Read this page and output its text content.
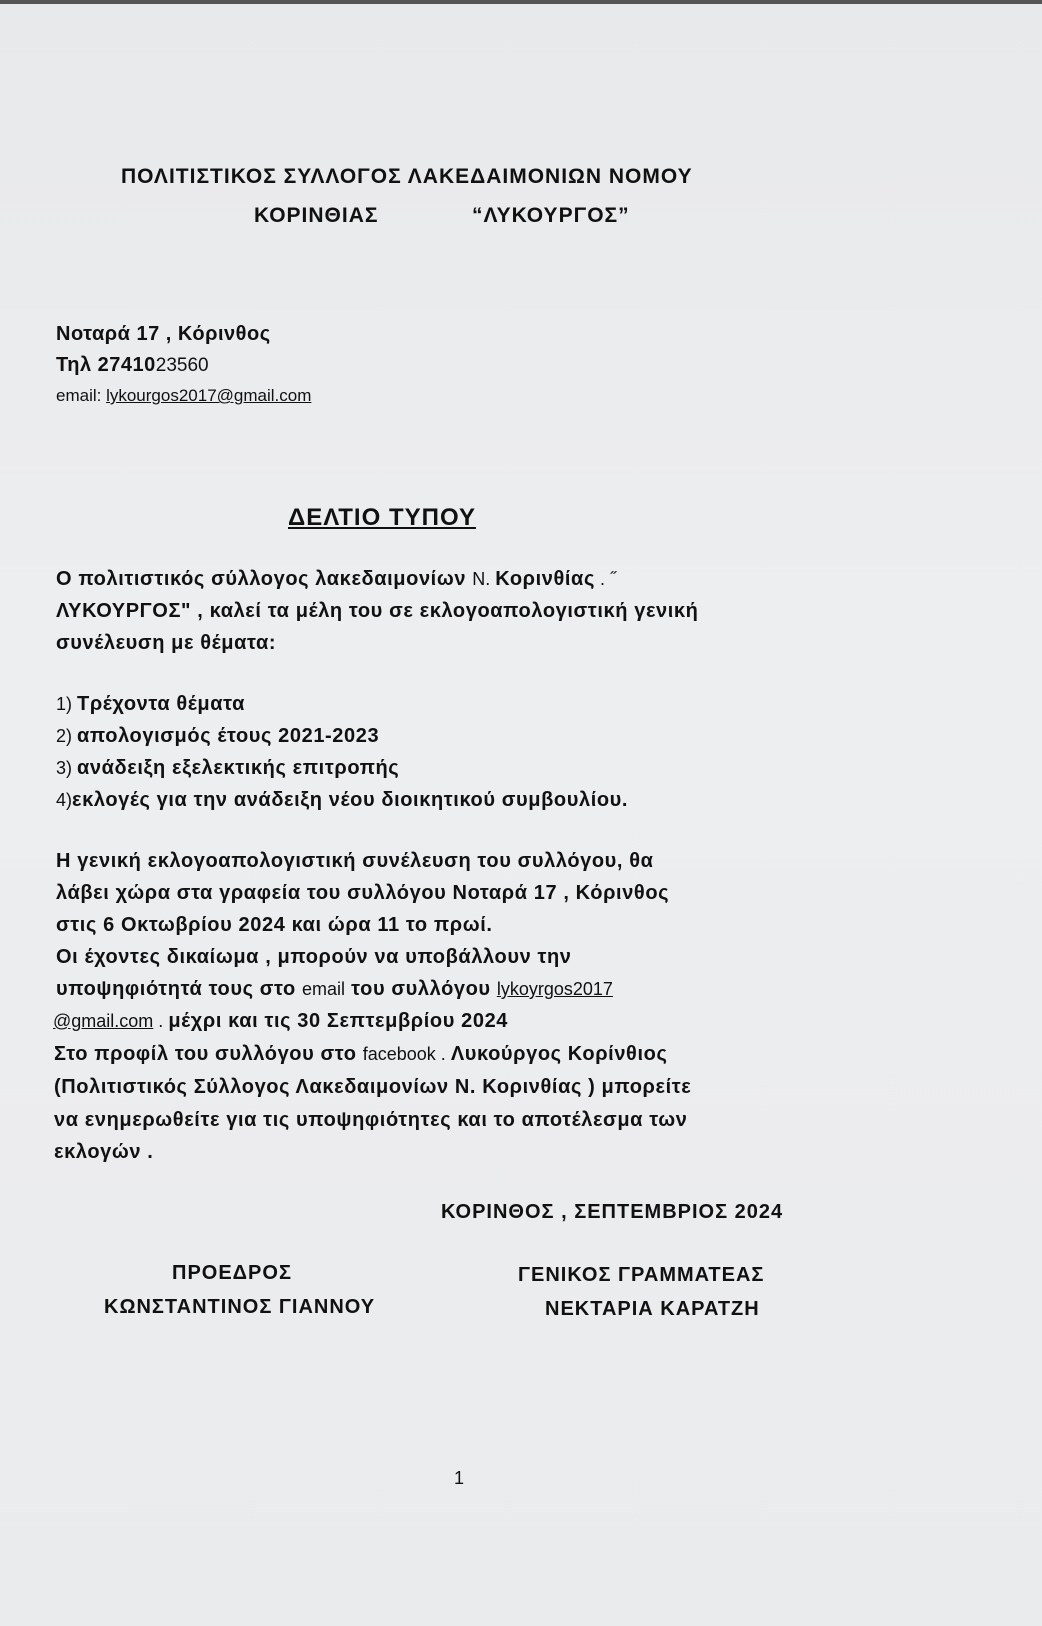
ΠΟΛΙΤΙΣΤΙΚΟΣ ΣΥΛΛΟΓΟΣ ΛΑΚΕΔΑΙΜΟΝΙΩΝ ΝΟΜΟΥ
ΚΟΡΙΝΘΙΑΣ	“ΛΥΚΟΥΡΓΟΣ”
Νοταρά 17 , Κόρινθος
Τηλ 2741023560
email: lykourgos2017@gmail.com
ΔΕΛΤΙΟ ΤΥΠΟΥ
Ο πολιτιστικός σύλλογος λακεδαιμονίων Ν. Κορινθίας . ˝
ΛΥΚΟΥΡΓΟΣ" , καλεί τα μέλη του σε εκλογοαπολογιστική γενική
συνέλευση με θέματα:
1) Τρέχοντα θέματα
2) απολογισμός έτους 2021-2023
3) ανάδειξη εξελεκτικής επιτροπής
4)εκλογές για την ανάδειξη νέου διοικητικού συμβουλίου.
Η γενική εκλογοαπολογιστική συνέλευση του συλλόγου, θα
λάβει χώρα στα γραφεία του συλλόγου Νοταρά 17 , Κόρινθος
στις 6 Οκτωβρίου 2024 και ώρα 11 το πρωί.
Οι έχοντες δικαίωμα , μπορούν να υποβάλλουν την
υποψηφιότητά τους στο email του συλλόγου lykoyrgos2017
@gmail.com . μέχρι και τις 30 Σεπτεμβρίου 2024
Στο προφίλ του συλλόγου στο facebook . Λυκούργος Κορίνθιος
(Πολιτιστικός Σύλλογος Λακεδαιμονίων Ν. Κορινθίας ) μπορείτε
να ενημερωθείτε για τις υποψηφιότητες και το αποτέλεσμα των
εκλογών .
ΚΟΡΙΝΘΟΣ , ΣΕΠΤΕΜΒΡΙΟΣ 2024
ΠΡΟΕΔΡΟΣ
ΚΩΝΣΤΑΝΤΙΝΟΣ ΓΙΑΝΝΟΥ
ΓΕΝΙΚΟΣ ΓΡΑΜΜΑΤΕΑΣ
ΝΕΚΤΑΡΙΑ ΚΑΡΑΤΖΗ
1
